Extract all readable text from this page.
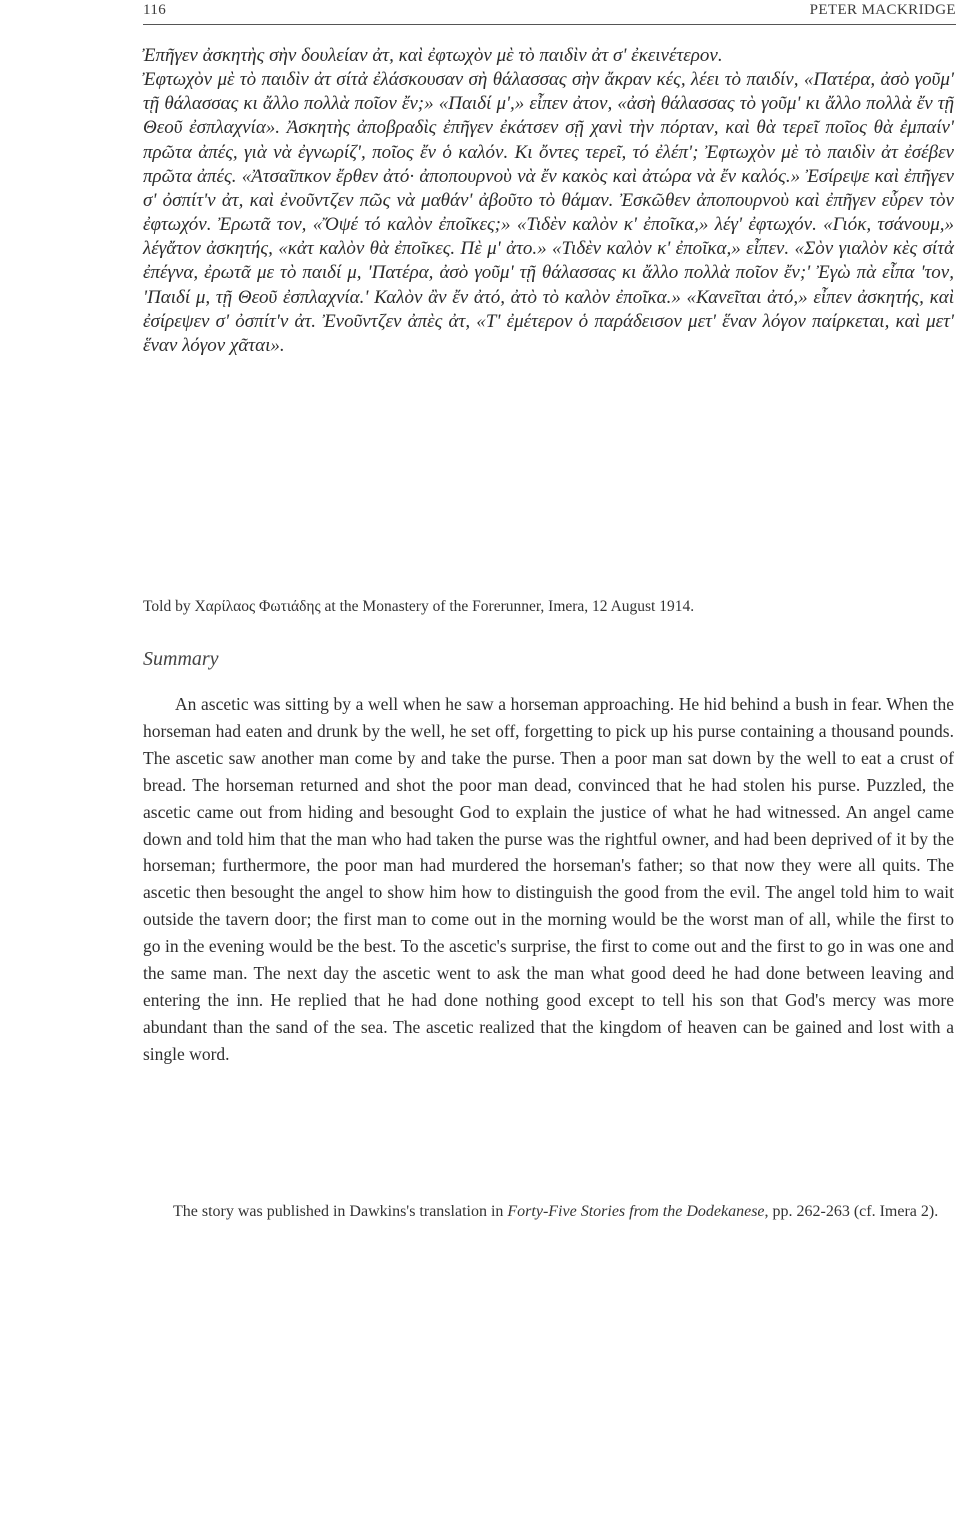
116	PETER MACKRIDGE

Ἐπῆγεν ἀσκητὴς σὴν δουλείαν ἀτ, καὶ ἐφτωχὸν μὲ τὸ παιδὶν ἀτ σ' ἐκεινέτερον.

Ἐφτωχὸν μὲ τὸ παιδὶν ἀτ σίτἀ ἐλάσκουσαν σὴ θάλασσας σὴν ἄκραν κές, λέει τὸ παιδίν, «Πατέρα, ἀσὸ γοῦμ' τῇ θάλασσας κι ἄλλο πολλὰ ποῖον ἔν;» «Παιδί μ',» εἶπεν ἀτον, «ἀσὴ θάλασσας τὸ γοῦμ' κι ἄλλο πολλὰ ἔν τῇ Θεοῦ ἐσπλαχνία». Ἀσκητὴς ἀποβραδὶς ἐπῆγεν ἐκάτσεν σῇ χανὶ τὴν πόρταν, καὶ θὰ τερεῖ ποῖος θὰ ἐμπαίν' πρῶτα ἀπές, γιὰ νὰ ἐγνωρίζ', ποῖος ἔν ὁ καλόν. Κι ὄντες τερεῖ, τό ἐλέπ'; Ἐφτωχὸν μὲ τὸ παιδὶν ἀτ ἐσέβεν πρῶτα ἀπές. «Ἀτσαῖπκον ἔρθεν ἀτό· ἀποπουρνοὺ νὰ ἔν κακὸς καὶ ἀτώρα νὰ ἔν καλός.» Ἐσίρεψε καὶ ἐπῆγεν σ' ὀσπίτ'ν ἀτ, καὶ ἐνοῦντζεν πῶς νὰ μαθάν' ἀβοῦτο τὸ θάμαν. Ἐσκῶθεν ἀποπουρνοὺ καὶ ἐπῆγεν εὗρεν τὸν ἐφτωχόν. Ἐρωτᾶ τον, «Ὄψέ τό καλὸν ἐποῖκες;» «Τιδὲν καλὸν κ' ἐποῖκα,» λέγ' ἐφτωχόν. «Γιόκ, τσάνουμ,» λέγἄτον ἀσκητής, «κἀτ καλὸν θὰ ἐποῖκες. Πὲ μ' ἀτο.» «Τιδὲν καλὸν κ' ἐποῖκα,» εἶπεν. «Σὸν γιαλὸν κὲς σίτἀ ἐπέγνα, ἐρωτᾶ με τὸ παιδί μ, 'Πατέρα, ἀσὸ γοῦμ' τῇ θάλασσας κι ἄλλο πολλὰ ποῖον ἔν;' Ἐγὼ πὰ εἶπα 'τον, 'Παιδί μ, τῇ Θεοῦ ἐσπλαχνία.' Καλὸν ἂν ἔν ἀτό, ἀτὸ τὸ καλὸν ἐποῖκα.» «Κανεῖται ἀτό,» εἶπεν ἀσκητής, καὶ ἐσίρεψεν σ' ὀσπίτ'ν ἀτ. Ἐνοῦντζεν ἀπὲς ἀτ, «Τ' ἐμέτερον ὁ παράδεισον μετ' ἕναν λόγον παίρκεται, καὶ μετ' ἕναν λόγον χᾶται».

Told by Χαρίλαος Φωτιάδης at the Monastery of the Forerunner, Imera, 12 August 1914.
Summary

An ascetic was sitting by a well when he saw a horseman approaching. He hid behind a bush in fear. When the horseman had eaten and drunk by the well, he set off, forgetting to pick up his purse containing a thousand pounds. The ascetic saw another man come by and take the purse. Then a poor man sat down by the well to eat a crust of bread. The horseman returned and shot the poor man dead, convinced that he had stolen his purse. Puzzled, the ascetic came out from hiding and besought God to explain the justice of what he had witnessed. An angel came down and told him that the man who had taken the purse was the rightful owner, and had been deprived of it by the horseman; furthermore, the poor man had murdered the horseman's father; so that now they were all quits. The ascetic then besought the angel to show him how to distinguish the good from the evil. The angel told him to wait outside the tavern door; the first man to come out in the morning would be the worst man of all, while the first to go in the evening would be the best. To the ascetic's surprise, the first to come out and the first to go in was one and the same man. The next day the ascetic went to ask the man what good deed he had done between leaving and entering the inn. He replied that he had done nothing good except to tell his son that God's mercy was more abundant than the sand of the sea. The ascetic realized that the kingdom of heaven can be gained and lost with a single word.

The story was published in Dawkins's translation in Forty-Five Stories from the Dodekanese, pp. 262-263 (cf. Imera 2).
